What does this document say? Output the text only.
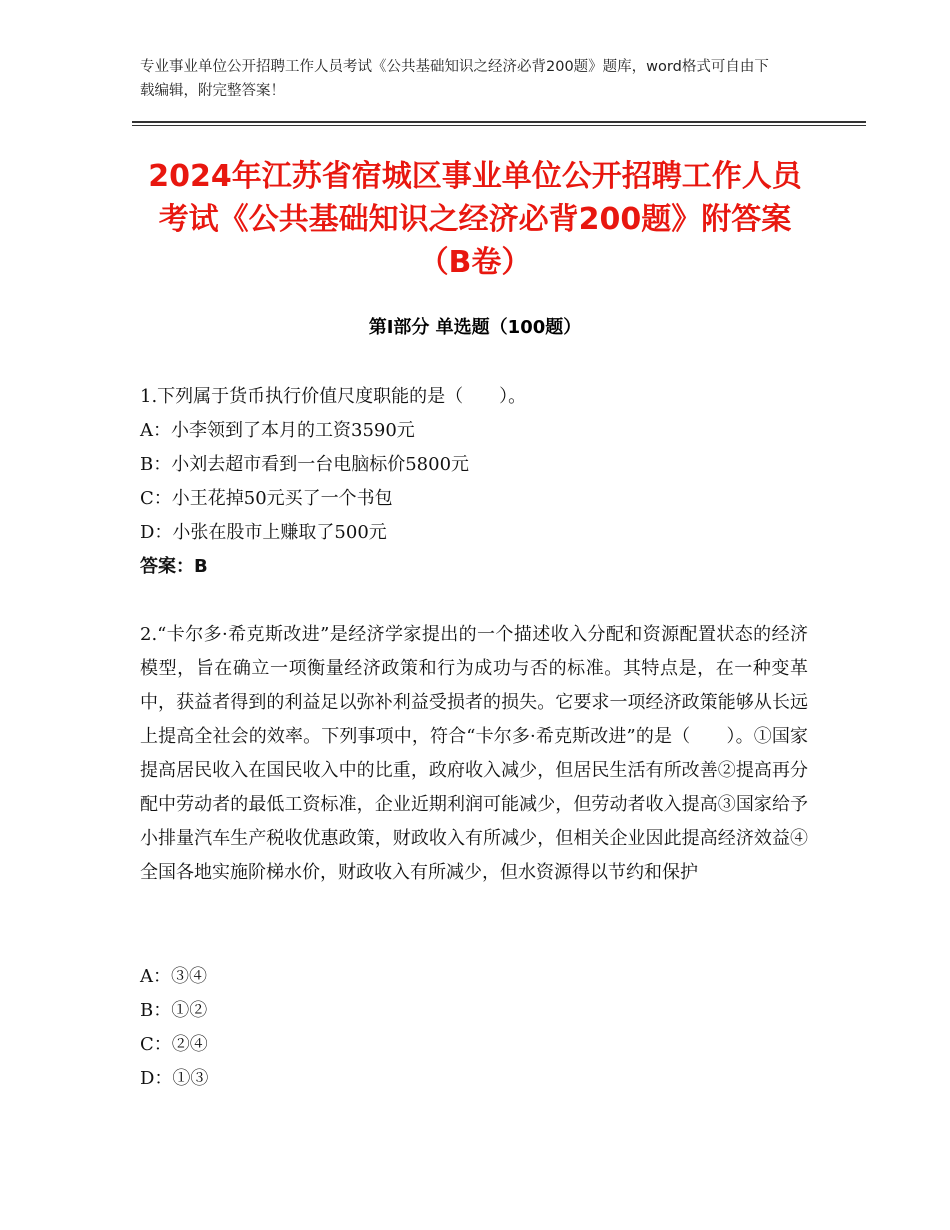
专业事业单位公开招聘工作人员考试《公共基础知识之经济必背200题》题库，word格式可自由下载编辑，附完整答案！
2024年江苏省宿城区事业单位公开招聘工作人员考试《公共基础知识之经济必背200题》附答案（B卷）
第Ⅰ部分 单选题（100题）
1.下列属于货币执行价值尺度职能的是（　　）。
A：小李领到了本月的工资3590元
B：小刘去超市看到一台电脑标价5800元
C：小王花掉50元买了一个书包
D：小张在股市上赚取了500元
答案：B
2.“卡尔多·希克斯改进”是经济学家提出的一个描述收入分配和资源配置状态的经济模型，旨在确立一项衡量经济政策和行为成功与否的标准。其特点是，在一种变革中，获益者得到的利益足以弥补利益受损者的损失。它要求一项经济政策能够从长远上提高全社会的效率。下列事项中，符合“卡尔多·希克斯改进”的是（　　）。①国家提高居民收入在国民收入中的比重，政府收入减少，但居民生活有所改善②提高再分配中劳动者的最低工资标准，企业近期利润可能减少，但劳动者收入提高③国家给予小排量汽车生产税收优惠政策，财政收入有所减少，但相关企业因此提高经济效益④全国各地实施阶梯水价，财政收入有所减少，但水资源得以节约和保护
A：③④
B：①②
C：②④
D：①③
